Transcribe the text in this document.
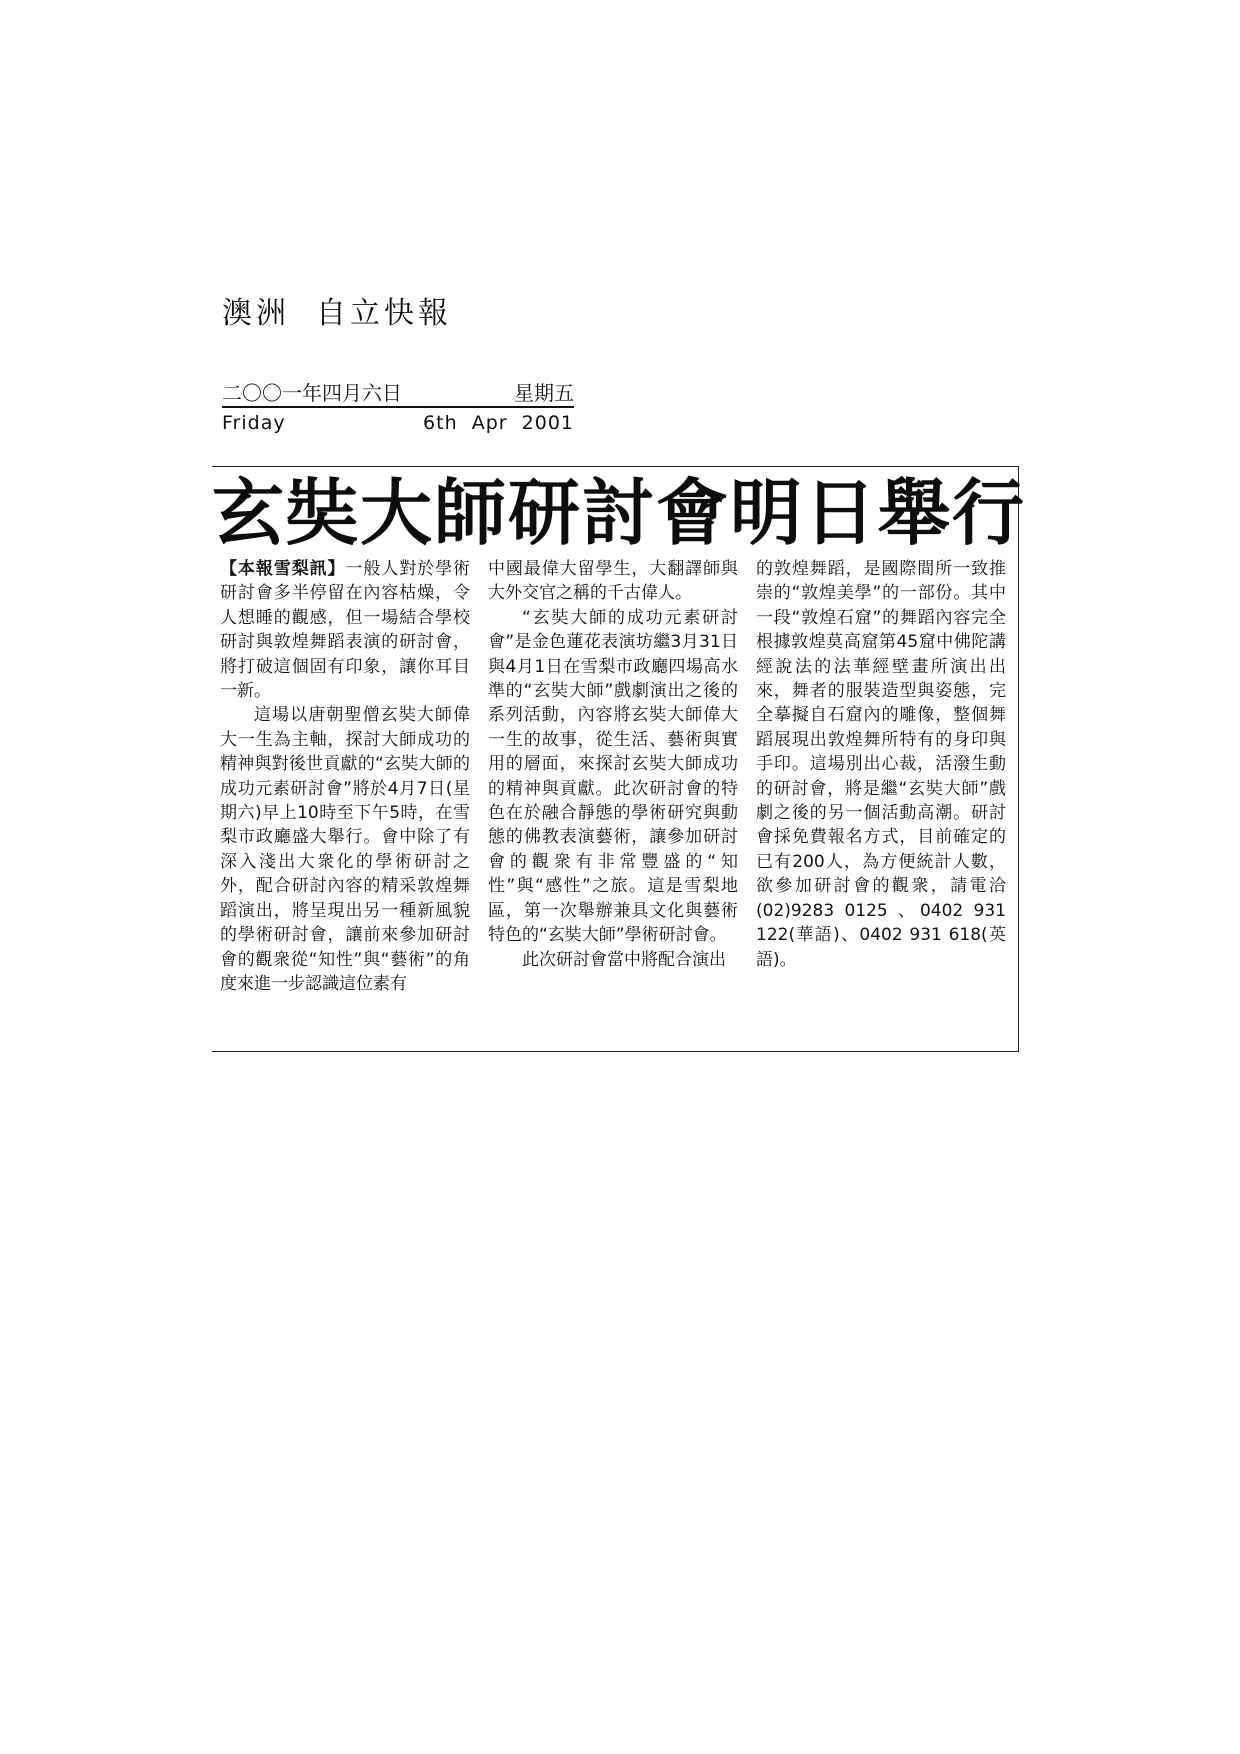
澳洲 自立快報
二〇〇一年四月六日	星期五
Friday	6th  Apr  2001
玄奘大師研討會明日舉行

【本報雪梨訊】一般人對於學術研討會多半停留在內容枯燥，令人想睡的觀感，但一場結合學校研討與敦煌舞蹈表演的研討會，將打破這個固有印象，讓你耳目一新。

這場以唐朝聖僧玄奘大師偉大一生為主軸，探討大師成功的精神與對後世貢獻的“玄奘大師的成功元素研討會”將於4月7日(星期六)早上10時至下午5時，在雪梨市政廳盛大舉行。會中除了有深入淺出大衆化的學術研討之外，配合研討內容的精采敦煌舞蹈演出，將呈現出另一種新風貌的學術研討會，讓前來參加研討會的觀衆從“知性”與“藝術”的角度來進一步認識這位素有

中國最偉大留學生，大翻譯師與大外交官之稱的千古偉人。

“玄奘大師的成功元素研討會”是金色蓮花表演坊繼3月31日與4月1日在雪梨市政廳四場高水準的“玄奘大師”戲劇演出之後的系列活動，內容將玄奘大師偉大一生的故事，從生活、藝術與實用的層面，來探討玄奘大師成功的精神與貢獻。此次研討會的特色在於融合靜態的學術研究與動態的佛教表演藝術，讓參加研討會的觀衆有非常豐盛的“知性”與“感性”之旅。這是雪梨地區，第一次舉辦兼具文化與藝術特色的“玄奘大師”學術研討會。

此次研討會當中將配合演出

的敦煌舞蹈，是國際間所一致推崇的“敦煌美學”的一部份。其中一段“敦煌石窟”的舞蹈內容完全根據敦煌莫高窟第45窟中佛陀講經說法的法華經壁畫所演出出來，舞者的服裝造型與姿態，完全摹擬自石窟內的雕像，整個舞蹈展現出敦煌舞所特有的身印與手印。這場別出心裁，活潑生動的研討會，將是繼“玄奘大師”戲劇之後的另一個活動高潮。研討會採免費報名方式，目前確定的已有200人，為方便統計人數，欲參加研討會的觀衆，請電洽(02)9283 0125 、0402 931 122(華語)、0402 931 618(英語)。
